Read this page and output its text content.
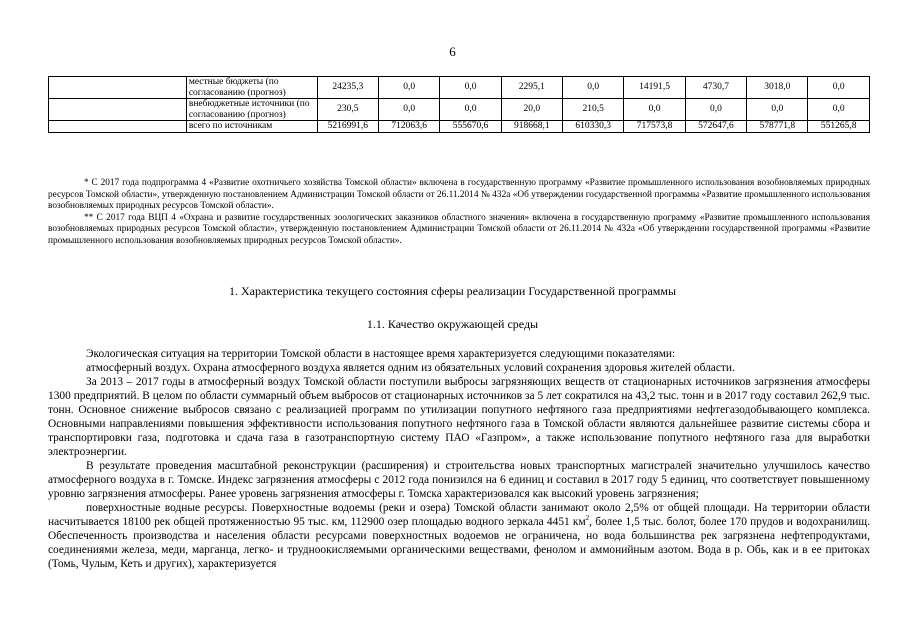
6
	местные бюджеты (по согласованию (прогноз)	24235,3	0,0	0,0	2295,1	0,0	14191,5	4730,7	3018,0	0,0
	внебюджетные источники (по согласованию (прогноз)	230,5	0,0	0,0	20,0	210,5	0,0	0,0	0,0	0,0
	всего по источникам	5216991,6	712063,6	555670,6	918668,1	610330,3	717573,8	572647,6	578771,8	551265,8

* С 2017 года подпрограмма 4 «Развитие охотничьего хозяйства Томской области» включена в государственную программу «Развитие промышленного использования возобновляемых природных ресурсов Томской области», утвержденную постановлением Администрации Томской области от 26.11.2014 № 432а «Об утверждении государственной программы «Развитие промышленного использования возобновляемых природных ресурсов Томской области».

** С 2017 года ВЦП 4 «Охрана и развитие государственных зоологических заказников областного значения» включена в государственную программу «Развитие промышленного использования возобновляемых природных ресурсов Томской области», утвержденную постановлением Администрации Томской области от 26.11.2014 № 432а «Об утверждении государственной программы «Развитие промышленного использования возобновляемых природных ресурсов Томской области».

1. Характеристика текущего состояния сферы реализации Государственной программы
1.1. Качество окружающей среды

Экологическая ситуация на территории Томской области в настоящее время характеризуется следующими показателями:

атмосферный воздух. Охрана атмосферного воздуха является одним из обязательных условий сохранения здоровья жителей области.

За 2013 – 2017 годы в атмосферный воздух Томской области поступили выбросы загрязняющих веществ от стационарных источников загрязнения атмосферы 1300 предприятий. В целом по области суммарный объем выбросов от стационарных источников за 5 лет сократился на 43,2 тыс. тонн и в 2017 году составил 262,9 тыс. тонн. Основное снижение выбросов связано с реализацией программ по утилизации попутного нефтяного газа предприятиями нефтегазодобывающего комплекса. Основными направлениями повышения эффективности использования попутного нефтяного газа в Томской области являются дальнейшее развитие системы сбора и транспортировки газа, подготовка и сдача газа в газотранспортную систему ПАО «Газпром», а также использование попутного нефтяного газа для выработки электроэнергии.

В результате проведения масштабной реконструкции (расширения) и строительства новых транспортных магистралей значительно улучшилось качество атмосферного воздуха в г. Томске. Индекс загрязнения атмосферы с 2012 года понизился на 6 единиц и составил в 2017 году 5 единиц, что соответствует повышенному уровню загрязнения атмосферы. Ранее уровень загрязнения атмосферы г. Томска характеризовался как высокий уровень загрязнения;

поверхностные водные ресурсы. Поверхностные водоемы (реки и озера) Томской области занимают около 2,5% от общей площади. На территории области насчитывается 18100 рек общей протяженностью 95 тыс. км, 112900 озер площадью водного зеркала 4451 $км^2$, более 1,5 тыс. болот, более 170 прудов и водохранилищ. Обеспеченность производства и населения области ресурсами поверхностных водоемов не ограничена, но вода большинства рек загрязнена нефтепродуктами, соединениями железа, меди, марганца, легко- и трудноокисляемыми органическими веществами, фенолом и аммонийным азотом. Вода в р. Обь, как и в ее притоках (Томь, Чулым, Кеть и других), характеризуется
